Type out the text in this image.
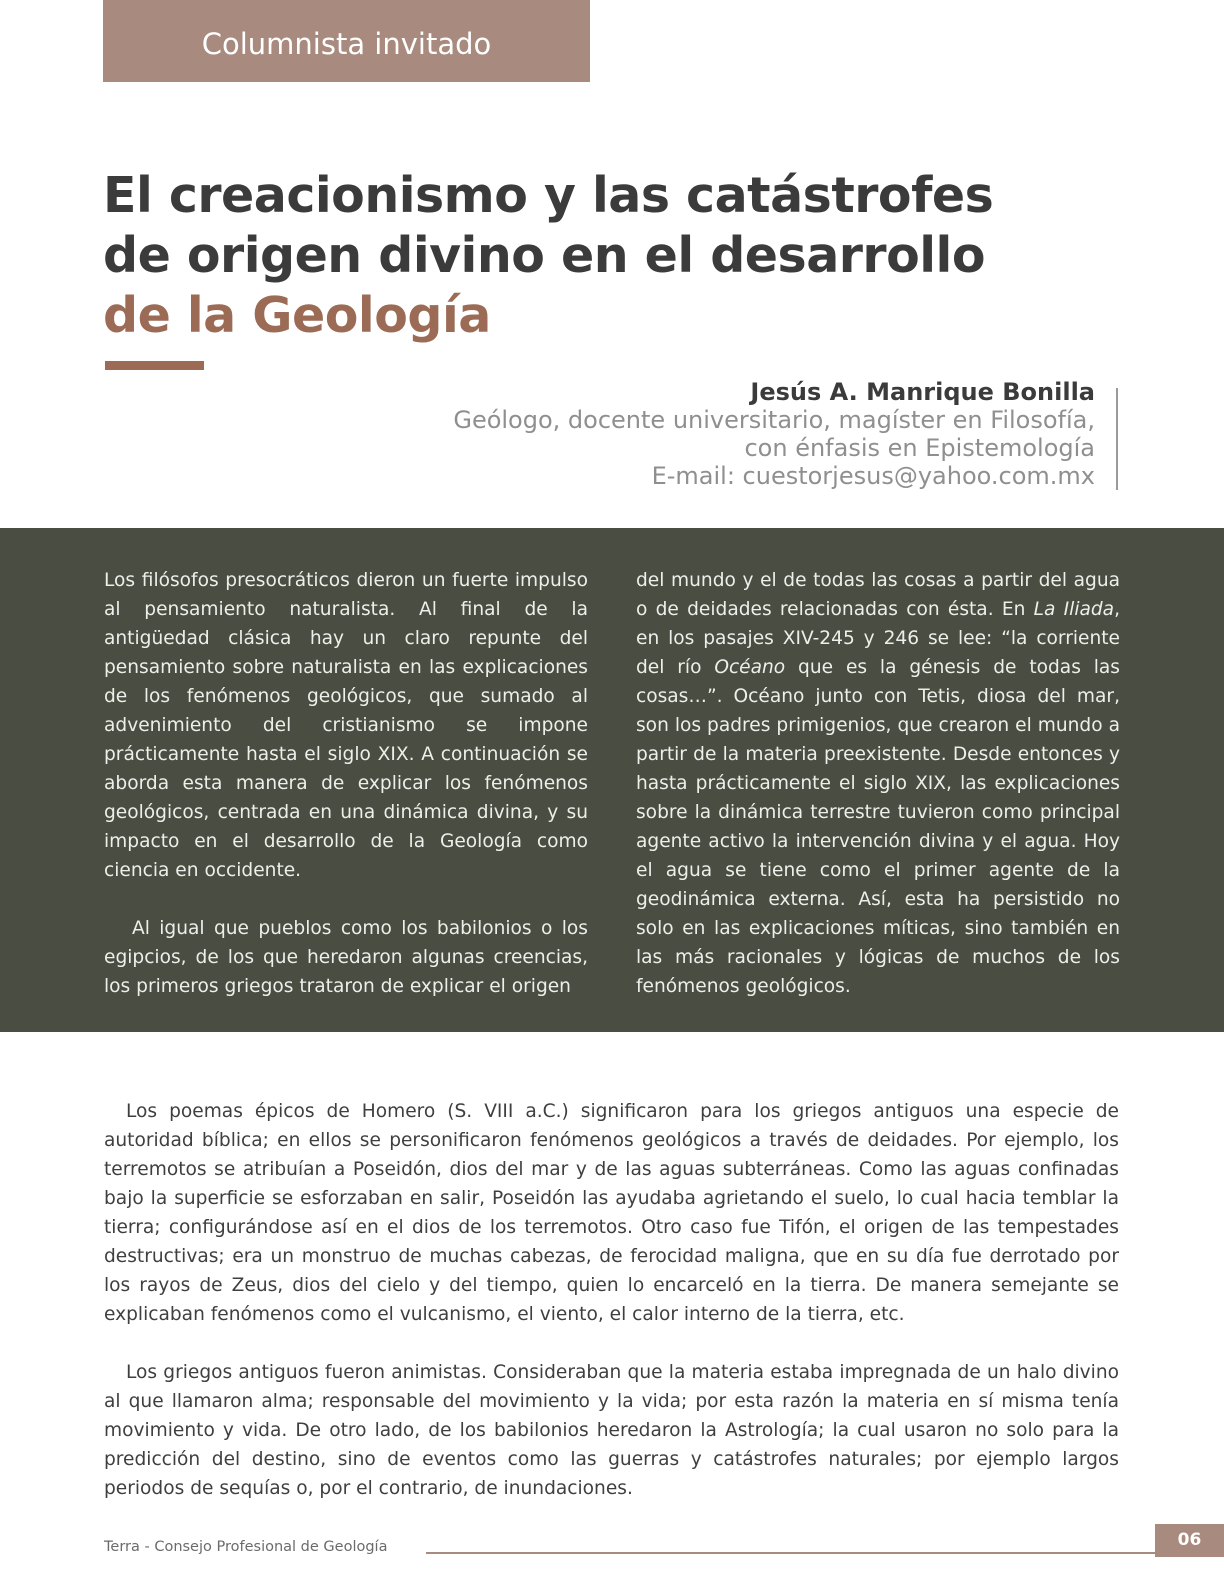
Columnista invitado
El creacionismo y las catástrofes
de origen divino en el desarrollo
de la Geología
Jesús A. Manrique Bonilla
Geólogo, docente universitario, magíster en Filosofía,
con énfasis en Epistemología
E-mail: cuestorjesus@yahoo.com.mx

Los filósofos presocráticos dieron un fuerte impulso al pensamiento naturalista. Al final de la antigüedad clásica hay un claro repunte del pensamiento sobre naturalista en las explicaciones de los fenómenos geológicos, que sumado al advenimiento del cristianismo se impone prácticamente hasta el siglo XIX. A continuación se aborda esta manera de explicar los fenómenos geológicos, centrada en una dinámica divina, y su impacto en el desarrollo de la Geología como ciencia en occidente.

Al igual que pueblos como los babilonios o los egipcios, de los que heredaron algunas creencias, los primeros griegos trataron de explicar el origen

del mundo y el de todas las cosas a partir del agua o de deidades relacionadas con ésta. En La Iliada, en los pasajes XIV-245 y 246 se lee: “la corriente del río Océano que es la génesis de todas las cosas…”. Océano junto con Tetis, diosa del mar, son los padres primigenios, que crearon el mundo a partir de la materia preexistente. Desde entonces y hasta prácticamente el siglo XIX, las explicaciones sobre la dinámica terrestre tuvieron como principal agente activo la intervención divina y el agua. Hoy el agua se tiene como el primer agente de la geodinámica externa. Así, esta ha persistido no solo en las explicaciones míticas, sino también en las más racionales y lógicas de muchos de los fenómenos geológicos.

Los poemas épicos de Homero (S. VIII a.C.) significaron para los griegos antiguos una especie de autoridad bíblica; en ellos se personificaron fenómenos geológicos a través de deidades. Por ejemplo, los terremotos se atribuían a Poseidón, dios del mar y de las aguas subterráneas. Como las aguas confinadas bajo la superficie se esforzaban en salir, Poseidón las ayudaba agrietando el suelo, lo cual hacia temblar la tierra; configurándose así en el dios de los terremotos. Otro caso fue Tifón, el origen de las tempestades destructivas; era un monstruo de muchas cabezas, de ferocidad maligna, que en su día fue derrotado por los rayos de Zeus, dios del cielo y del tiempo, quien lo encarceló en la tierra. De manera semejante se explicaban fenómenos como el vulcanismo, el viento, el calor interno de la tierra, etc.

Los griegos antiguos fueron animistas. Consideraban que la materia estaba impregnada de un halo divino al que llamaron alma; responsable del movimiento y la vida; por esta razón la materia en sí misma tenía movimiento y vida. De otro lado, de los babilonios heredaron la Astrología; la cual usaron no solo para la predicción del destino, sino de eventos como las guerras y catástrofes naturales; por ejemplo largos periodos de sequías o, por el contrario, de inundaciones.

Terra - Consejo Profesional de Geología	06
